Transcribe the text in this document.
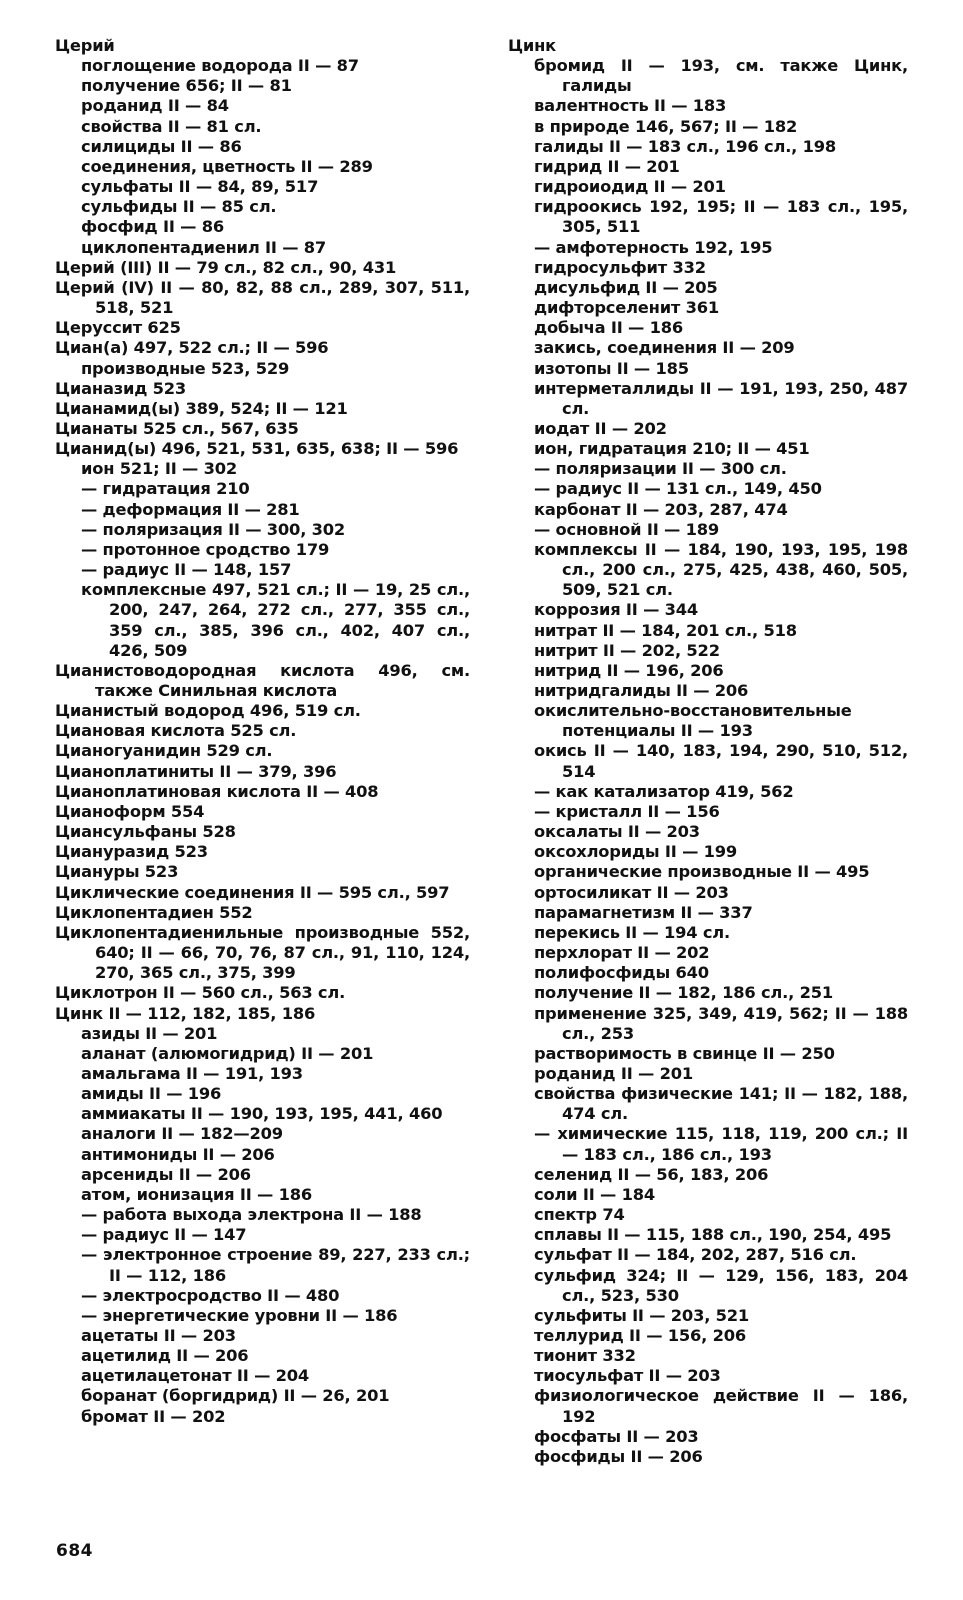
Церий
поглощение водорода II — 87
получение 656; II — 81
роданид II — 84
свойства II — 81 сл.
силициды II — 86
соединения, цветность II — 289
сульфаты II — 84, 89, 517
сульфиды II — 85 сл.
фосфид II — 86
циклопентадиенил II — 87
Церий (III) II — 79 сл., 82 сл., 90, 431
Церий (IV) II — 80, 82, 88 сл., 289, 307, 511, 518, 521
Церуссит 625
Циан(а) 497, 522 сл.; II — 596
производные 523, 529
Цианазид 523
Цианамид(ы) 389, 524; II — 121
Цианаты 525 сл., 567, 635
Цианид(ы) 496, 521, 531, 635, 638; II — 596
ион 521; II — 302
— гидратация 210
— деформация II — 281
— поляризация II — 300, 302
— протонное сродство 179
— радиус II — 148, 157
комплексные 497, 521 сл.; II — 19, 25 сл., 200, 247, 264, 272 сл., 277, 355 сл., 359 сл., 385, 396 сл., 402, 407 сл., 426, 509
Цианистоводородная кислота 496, см. также Синильная кислота
Цианистый водород 496, 519 сл.
Циановая кислота 525 сл.
Цианогуанидин 529 сл.
Цианоплатиниты II — 379, 396
Цианоплатиновая кислота II — 408
Цианоформ 554
Циансульфаны 528
Циануразид 523
Циануры 523
Циклические соединения II — 595 сл., 597
Циклопентадиен 552
Циклопентадиенильные производные 552, 640; II — 66, 70, 76, 87 сл., 91, 110, 124, 270, 365 сл., 375, 399
Циклотрон II — 560 сл., 563 сл.
Цинк II — 112, 182, 185, 186
азиды II — 201
аланат (алюмогидрид) II — 201
амальгама II — 191, 193
амиды II — 196
аммиакаты II — 190, 193, 195, 441, 460
аналоги II — 182—209
антимониды II — 206
арсениды II — 206
атом, ионизация II — 186
— работа выхода электрона II — 188
— радиус II — 147
— электронное строение 89, 227, 233 сл.; II — 112, 186
— электросродство II — 480
— энергетические уровни II — 186
ацетаты II — 203
ацетилид II — 206
ацетилацетонат II — 204
боранат (боргидрид) II — 26, 201
бромат II — 202
Цинк
бромид II — 193, см. также Цинк, галиды
валентность II — 183
в природе 146, 567; II — 182
галиды II — 183 сл., 196 сл., 198
гидрид II — 201
гидроиодид II — 201
гидроокись 192, 195; II — 183 сл., 195, 305, 511
— амфотерность 192, 195
гидросульфит 332
дисульфид II — 205
дифторселенит 361
добыча II — 186
закись, соединения II — 209
изотопы II — 185
интерметаллиды II — 191, 193, 250, 487 сл.
иодат II — 202
ион, гидратация 210; II — 451
— поляризации II — 300 сл.
— радиус II — 131 сл., 149, 450
карбонат II — 203, 287, 474
— основной II — 189
комплексы II — 184, 190, 193, 195, 198 сл., 200 сл., 275, 425, 438, 460, 505, 509, 521 сл.
коррозия II — 344
нитрат II — 184, 201 сл., 518
нитрит II — 202, 522
нитрид II — 196, 206
нитридгалиды II — 206
окислительно-восстановительные потенциалы II — 193
окись II — 140, 183, 194, 290, 510, 512, 514
— как катализатор 419, 562
— кристалл II — 156
оксалаты II — 203
оксохлориды II — 199
органические производные II — 495
ортосиликат II — 203
парамагнетизм II — 337
перекись II — 194 сл.
перхлорат II — 202
полифосфиды 640
получение II — 182, 186 сл., 251
применение 325, 349, 419, 562; II — 188 сл., 253
растворимость в свинце II — 250
роданид II — 201
свойства физические 141; II — 182, 188, 474 сл.
— химические 115, 118, 119, 200 сл.; II — 183 сл., 186 сл., 193
селенид II — 56, 183, 206
соли II — 184
спектр 74
сплавы II — 115, 188 сл., 190, 254, 495
сульфат II — 184, 202, 287, 516 сл.
сульфид 324; II — 129, 156, 183, 204 сл., 523, 530
сульфиты II — 203, 521
теллурид II — 156, 206
тионит 332
тиосульфат II — 203
физиологическое действие II — 186, 192
фосфаты II — 203
фосфиды II — 206
684
